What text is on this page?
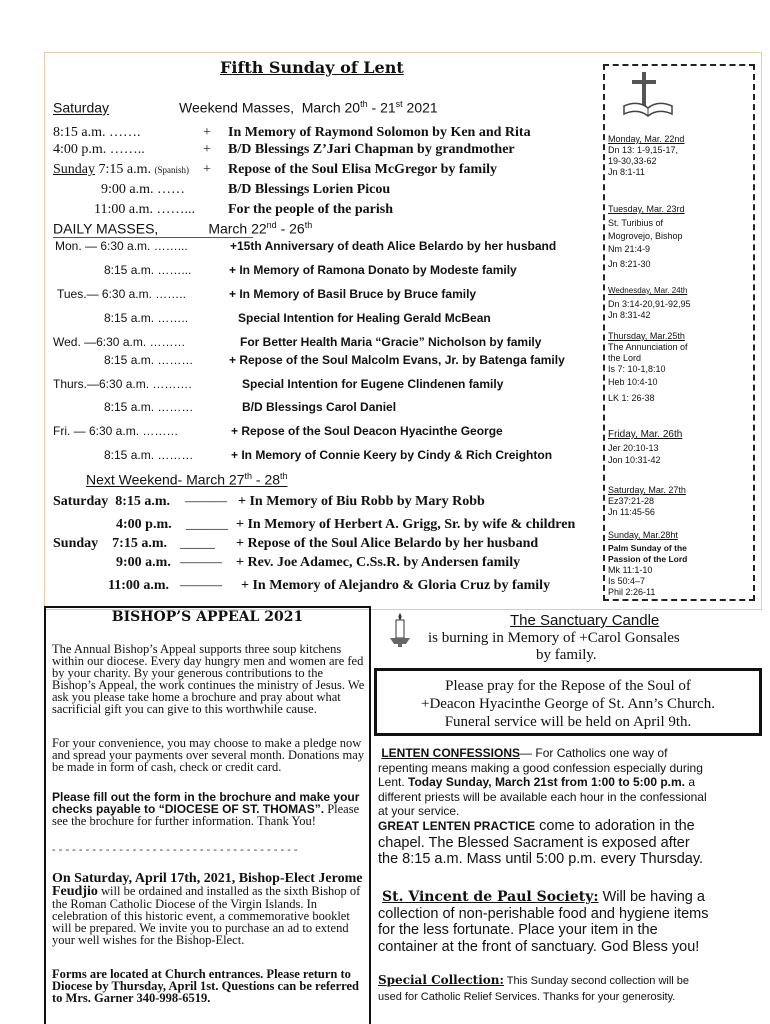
Fifth Sunday of Lent
Saturday	Weekend Masses, March 20th - 21st 2021
8:15 a.m. …….	+ In Memory of Raymond Solomon by Ken and Rita
4:00 p.m. ……..	+ B/D Blessings Z’Jari Chapman by grandmother
Sunday 7:15 a.m. (Spanish) + Repose of the Soul Elisa McGregor by family
9:00 a.m. ……	B/D Blessings Lorien Picou
11:00 a.m. ……... For the people of the parish
DAILY MASSES,	March 22nd - 26th
Mon. — 6:30 a.m. ……...	+15th Anniversary of death Alice Belardo by her husband
8:15 a.m. ……...	+ In Memory of Ramona Donato by Modeste family
Tues.— 6:30 a.m. ……..	+ In Memory of Basil Bruce by Bruce family
8:15 a.m. ……..	Special Intention for Healing Gerald McBean
Wed. —6:30 a.m. ………	For Better Health Maria “Gracie” Nicholson by family
8:15 a.m. ………	+ Repose of the Soul Malcolm Evans, Jr. by Batenga family
Thurs.—6:30 a.m. ……….	Special Intention for Eugene Clindenen family
8:15 a.m. ………	B/D Blessings Carol Daniel
Fri. — 6:30 a.m. ………	+ Repose of the Soul Deacon Hyacinthe George
8:15 a.m. ………	+ In Memory of Connie Keery by Cindy & Rich Creighton
Next Weekend- March 27th - 28th
Saturday 8:15 a.m. ——— + In Memory of Biu Robb by Mary Robb
4:00 p.m. ______ + In Memory of Herbert A. Grigg, Sr. by wife & children
Sunday 7:15 a.m. _____ + Repose of the Soul Alice Belardo by her husband
9:00 a.m. ——— + Rev. Joe Adamec, C.Ss.R. by Andersen family
11:00 a.m. ——— + In Memory of Alejandro & Gloria Cruz by family
Monday, Mar. 22nd
Dn 13: 1-9,15-17,
19-30,33-62
Jn 8:1-11
Tuesday, Mar. 23rd
St. Turibius of
Mogrovejo, Bishop
Nm 21:4-9
Jn 8:21-30
Wednesday, Mar. 24th
Dn 3:14-20,91-92,95
Jn 8:31-42
Thursday, Mar.25th
The Annunciation of
the Lord
Is 7: 10-1,8:10
Heb 10:4-10
LK 1: 26-38
Friday, Mar. 26th
Jer 20:10-13
Jon 10:31-42
Saturday, Mar. 27th
Ez37:21-28
Jn 11:45-56
Sunday, Mar.28ht
Palm Sunday of the
Passion of the Lord
Mk 11:1-10
Is 50:4–7
Phil 2:26-11
BISHOP’S APPEAL 2021
The Annual Bishop’s Appeal supports three soup kitchens within our diocese. Every day hungry men and women are fed by your charity. By your generous contributions to the Bishop’s Appeal, the work continues the ministry of Jesus. We ask you please take home a brochure and pray about what sacrificial gift you can give to this worthwhile cause.
For your convenience, you may choose to make a pledge now and spread your payments over several month. Donations may be made in form of cash, check or credit card.
Please fill out the form in the brochure and make your checks payable to “DIOCESE OF ST. THOMAS”. Please see the brochure for further information. Thank You!
- - - - - - - - - - - - - - - - - - - - - - - - - - - - - - - - - - - - -
On Saturday, April 17th, 2021, Bishop-Elect Jerome Feudjio will be ordained and installed as the sixth Bishop of the Roman Catholic Diocese of the Virgin Islands. In celebration of this historic event, a commemorative booklet will be prepared. We invite you to purchase an ad to extend your well wishes for the Bishop-Elect.
Forms are located at Church entrances. Please return to Diocese by Thursday, April 1st. Questions can be referred to Mrs. Garner 340-998-6519.
The Sanctuary Candle
is burning in Memory of +Carol Gonsales
by family.
Please pray for the Repose of the Soul of
+Deacon Hyacinthe George of St. Ann’s Church.
Funeral service will be held on April 9th.
LENTEN CONFESSIONS— For Catholics one way of repenting means making a good confession especially during Lent. Today Sunday, March 21st from 1:00 to 5:00 p.m. a different priests will be available each hour in the confessional at your service.
GREAT LENTEN PRACTICE come to adoration in the chapel. The Blessed Sacrament is exposed after the 8:15 a.m. Mass until 5:00 p.m. every Thursday.
St. Vincent de Paul Society: Will be having a collection of non-perishable food and hygiene items for the less fortunate. Place your item in the container at the front of sanctuary. God Bless you!
Special Collection: This Sunday second collection will be used for Catholic Relief Services. Thanks for your generosity.
